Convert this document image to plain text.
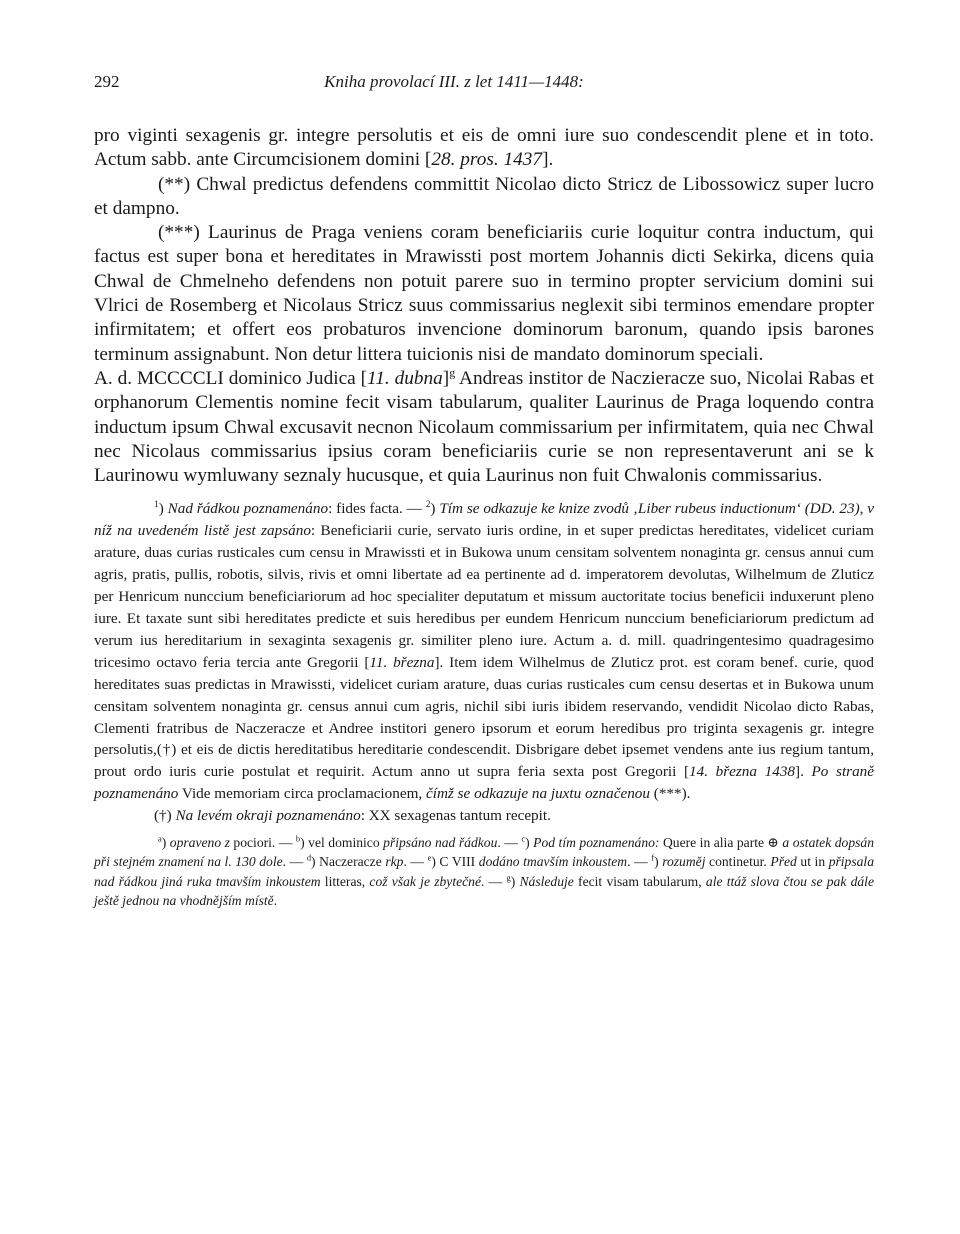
292	Kniha provolací III. z let 1411—1448:

pro viginti sexagenis gr. integre persolutis et eis de omni iure suo condescendit plene et in toto. Actum sabb. ante Circumcisionem domini [28. pros. 1437].

(**) Chwal predictus defendens committit Nicolao dicto Stricz de Libossowicz super lucro et dampno.

(***) Laurinus de Praga veniens coram beneficiariis curie loquitur contra inductum, qui factus est super bona et hereditates in Mrawissti post mortem Johannis dicti Sekirka, dicens quia Chwal de Chmelneho defendens non potuit parere suo in termino propter servicium domini sui Vlrici de Rosemberg et Nicolaus Stricz suus commissarius neglexit sibi terminos emendare propter infirmitatem; et offert eos probaturos invencione dominorum baronum, quando ipsis barones terminum assignabunt. Non detur littera tuicionis nisi de mandato dominorum speciali.

A. d. MCCCCLI dominico Judica [11. dubna]$^g$ Andreas institor de Naczieracze suo, Nicolai Rabas et orphanorum Clementis nomine fecit visam tabularum, qualiter Laurinus de Praga loquendo contra inductum ipsum Chwal excusavit necnon Nicolaum commissarium per infirmitatem, quia nec Chwal nec Nicolaus commissarius ipsius coram beneficiariis curie se non representaverunt ani se k Laurinowu wymluwany seznaly hucusque, et quia Laurinus non fuit Chwalonis commissarius.

$^1$) Nad řádkou poznamenáno: fides facta. — $^2$) Tím se odkazuje ke knize zvodů ‚Liber rubeus inductionum‘ (DD. 23), v níž na uvedeném listě jest zapsáno: Beneficiarii curie, servato iuris ordine, in et super predictas hereditates, videlicet curiam arature, duas curias rusticales cum censu in Mrawissti et in Bukowa unum censitam solventem nonaginta gr. census annui cum agris, pratis, pullis, robotis, silvis, rivis et omni libertate ad ea pertinente ad d. imperatorem devolutas, Wilhelmum de Zluticz per Henricum nunccium beneficiariorum ad hoc specialiter deputatum et missum auctoritate tocius beneficii induxerunt pleno iure. Et taxate sunt sibi hereditates predicte et suis heredibus per eundem Henricum nunccium beneficiariorum predictum ad verum ius hereditarium in sexaginta sexagenis gr. similiter pleno iure. Actum a. d. mill. quadringentesimo quadragesimo tricesimo octavo feria tercia ante Gregorii [11. března]. Item idem Wilhelmus de Zluticz prot. est coram benef. curie, quod hereditates suas predictas in Mrawissti, videlicet curiam arature, duas curias rusticales cum censu desertas et in Bukowa unum censitam solventem nonaginta gr. census annui cum agris, nichil sibi iuris ibidem reservando, vendidit Nicolao dicto Rabas, Clementi fratribus de Naczeracze et Andree institori genero ipsorum et eorum heredibus pro triginta sexagenis gr. integre persolutis,(†) et eis de dictis hereditatibus hereditarie condescendit. Disbrigare debet ipsemet vendens ante ius regium tantum, prout ordo iuris curie postulat et requirit. Actum anno ut supra feria sexta post Gregorii [14. března 1438]. Po straně poznamenáno Vide memoriam circa proclamacionem, čímž se odkazuje na juxtu označenou (***).

(†) Na levém okraji poznamenáno: XX sexagenas tantum recepit.

$^a$) opraveno z pociori. — $^b$) vel dominico připsáno nad řádkou. — $^c$) Pod tím poznamenáno: Quere in alia parte ⊕ a ostatek dopsán při stejném znamení na l. 130 dole. — $^d$) Naczeracze rkp. — $^e$) C VIII dodáno tmavším inkoustem. — $^f$) rozuměj continetur. Před ut in připsala nad řádkou jiná ruka tmavším inkoustem litteras, což však je zbytečné. — $^g$) Následuje fecit visam tabularum, ale ttáž slova čtou se pak dále ještě jednou na vhodnějším místě.
